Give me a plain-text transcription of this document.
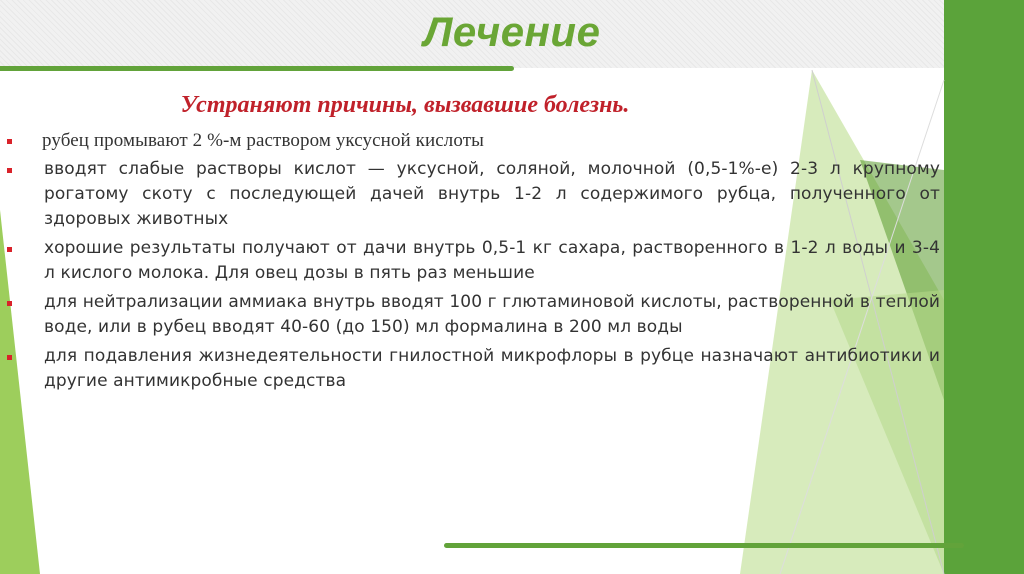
Лечение
Устраняют причины, вызвавшие болезнь.
рубец промывают 2 %-м раствором уксусной кислоты
вводят слабые растворы кислот — уксусной, соляной, молочной (0,5-1%-е) 2-3 л крупному рогатому скоту с последующей дачей внутрь 1-2 л содержимого рубца, полученного от здоровых животных
хорошие результаты получают от дачи внутрь 0,5-1 кг сахара, растворенного в 1-2 л воды и 3-4 л кислого молока. Для овец дозы в пять раз меньшие
для нейтрализации аммиака внутрь вводят 100 г глютаминовой кислоты, растворенной в теплой воде, или в рубец вводят 40-60 (до 150) мл формалина в 200 мл воды
для подавления жизнедеятельности гнилостной микрофлоры в рубце назначают антибиотики и другие антимикробные средства
